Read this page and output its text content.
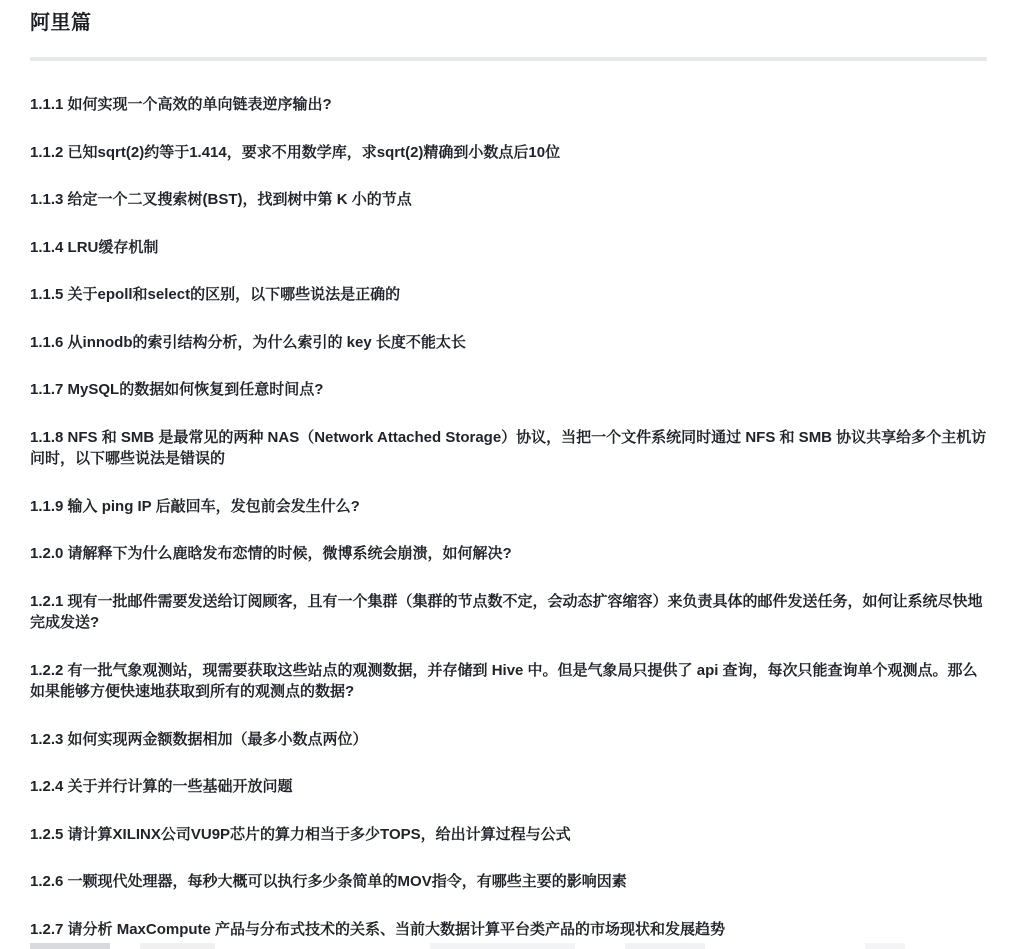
阿里篇

1.1.1 如何实现一个高效的单向链表逆序输出?

1.1.2 已知sqrt(2)约等于1.414，要求不用数学库，求sqrt(2)精确到小数点后10位

1.1.3 给定一个二叉搜索树(BST)，找到树中第 K 小的节点

1.1.4 LRU缓存机制

1.1.5 关于epoll和select的区别，以下哪些说法是正确的

1.1.6 从innodb的索引结构分析，为什么索引的 key 长度不能太长

1.1.7 MySQL的数据如何恢复到任意时间点?

1.1.8 NFS 和 SMB 是最常见的两种 NAS（Network Attached Storage）协议，当把一个文件系统同时通过 NFS 和 SMB 协议共享给多个主机访问时，以下哪些说法是错误的

1.1.9 输入 ping IP 后敲回车，发包前会发生什么?

1.2.0 请解释下为什么鹿晗发布恋情的时候，微博系统会崩溃，如何解决?

1.2.1 现有一批邮件需要发送给订阅顾客，且有一个集群（集群的节点数不定，会动态扩容缩容）来负责具体的邮件发送任务，如何让系统尽快地完成发送?

1.2.2 有一批气象观测站，现需要获取这些站点的观测数据，并存储到 Hive 中。但是气象局只提供了 api 查询，每次只能查询单个观测点。那么如果能够方便快速地获取到所有的观测点的数据?

1.2.3 如何实现两金额数据相加（最多小数点两位）

1.2.4 关于并行计算的一些基础开放问题

1.2.5 请计算XILINX公司VU9P芯片的算力相当于多少TOPS，给出计算过程与公式

1.2.6 一颗现代处理器，每秒大概可以执行多少条简单的MOV指令，有哪些主要的影响因素

1.2.7 请分析 MaxCompute 产品与分布式技术的关系、当前大数据计算平台类产品的市场现状和发展趋势
